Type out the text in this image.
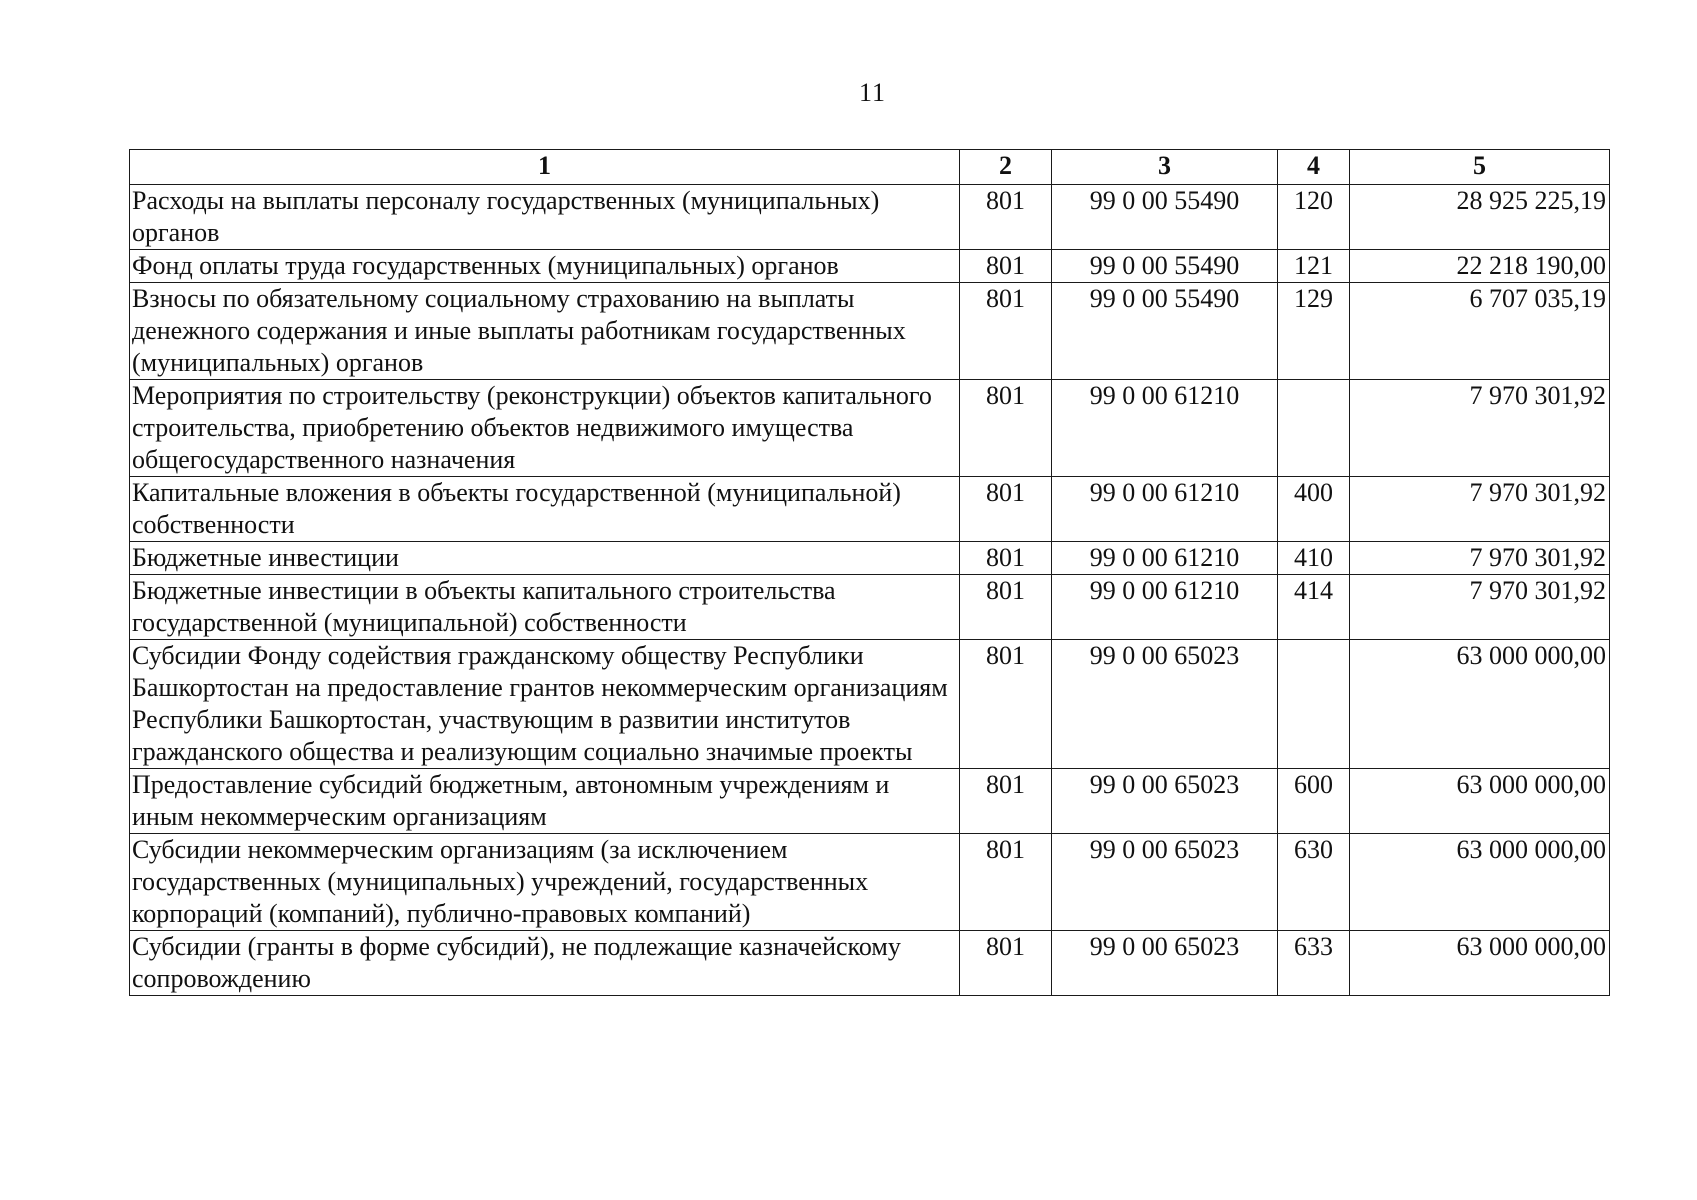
11
1	2	3	4	5
Расходы на выплаты персоналу государственных (муниципальных) органов	801	99 0 00 55490	120	28 925 225,19
Фонд оплаты труда государственных (муниципальных) органов	801	99 0 00 55490	121	22 218 190,00
Взносы по обязательному социальному страхованию на выплаты денежного содержания и иные выплаты работникам государственных (муниципальных) органов	801	99 0 00 55490	129	6 707 035,19
Мероприятия по строительству (реконструкции) объектов капитального строительства, приобретению объектов недвижимого имущества общегосударственного назначения	801	99 0 00 61210		7 970 301,92
Капитальные вложения в объекты государственной (муниципальной) собственности	801	99 0 00 61210	400	7 970 301,92
Бюджетные инвестиции	801	99 0 00 61210	410	7 970 301,92
Бюджетные инвестиции в объекты капитального строительства государственной (муниципальной) собственности	801	99 0 00 61210	414	7 970 301,92
Субсидии Фонду содействия гражданскому обществу Республики Башкортостан на предоставление грантов некоммерческим организациям Республики Башкортостан, участвующим в развитии институтов гражданского общества и реализующим социально значимые проекты	801	99 0 00 65023		63 000 000,00
Предоставление субсидий бюджетным, автономным учреждениям и иным некоммерческим организациям	801	99 0 00 65023	600	63 000 000,00
Субсидии некоммерческим организациям (за исключением государственных (муниципальных) учреждений, государственных корпораций (компаний), публично-правовых компаний)	801	99 0 00 65023	630	63 000 000,00
Субсидии (гранты в форме субсидий), не подлежащие казначейскому сопровождению	801	99 0 00 65023	633	63 000 000,00
